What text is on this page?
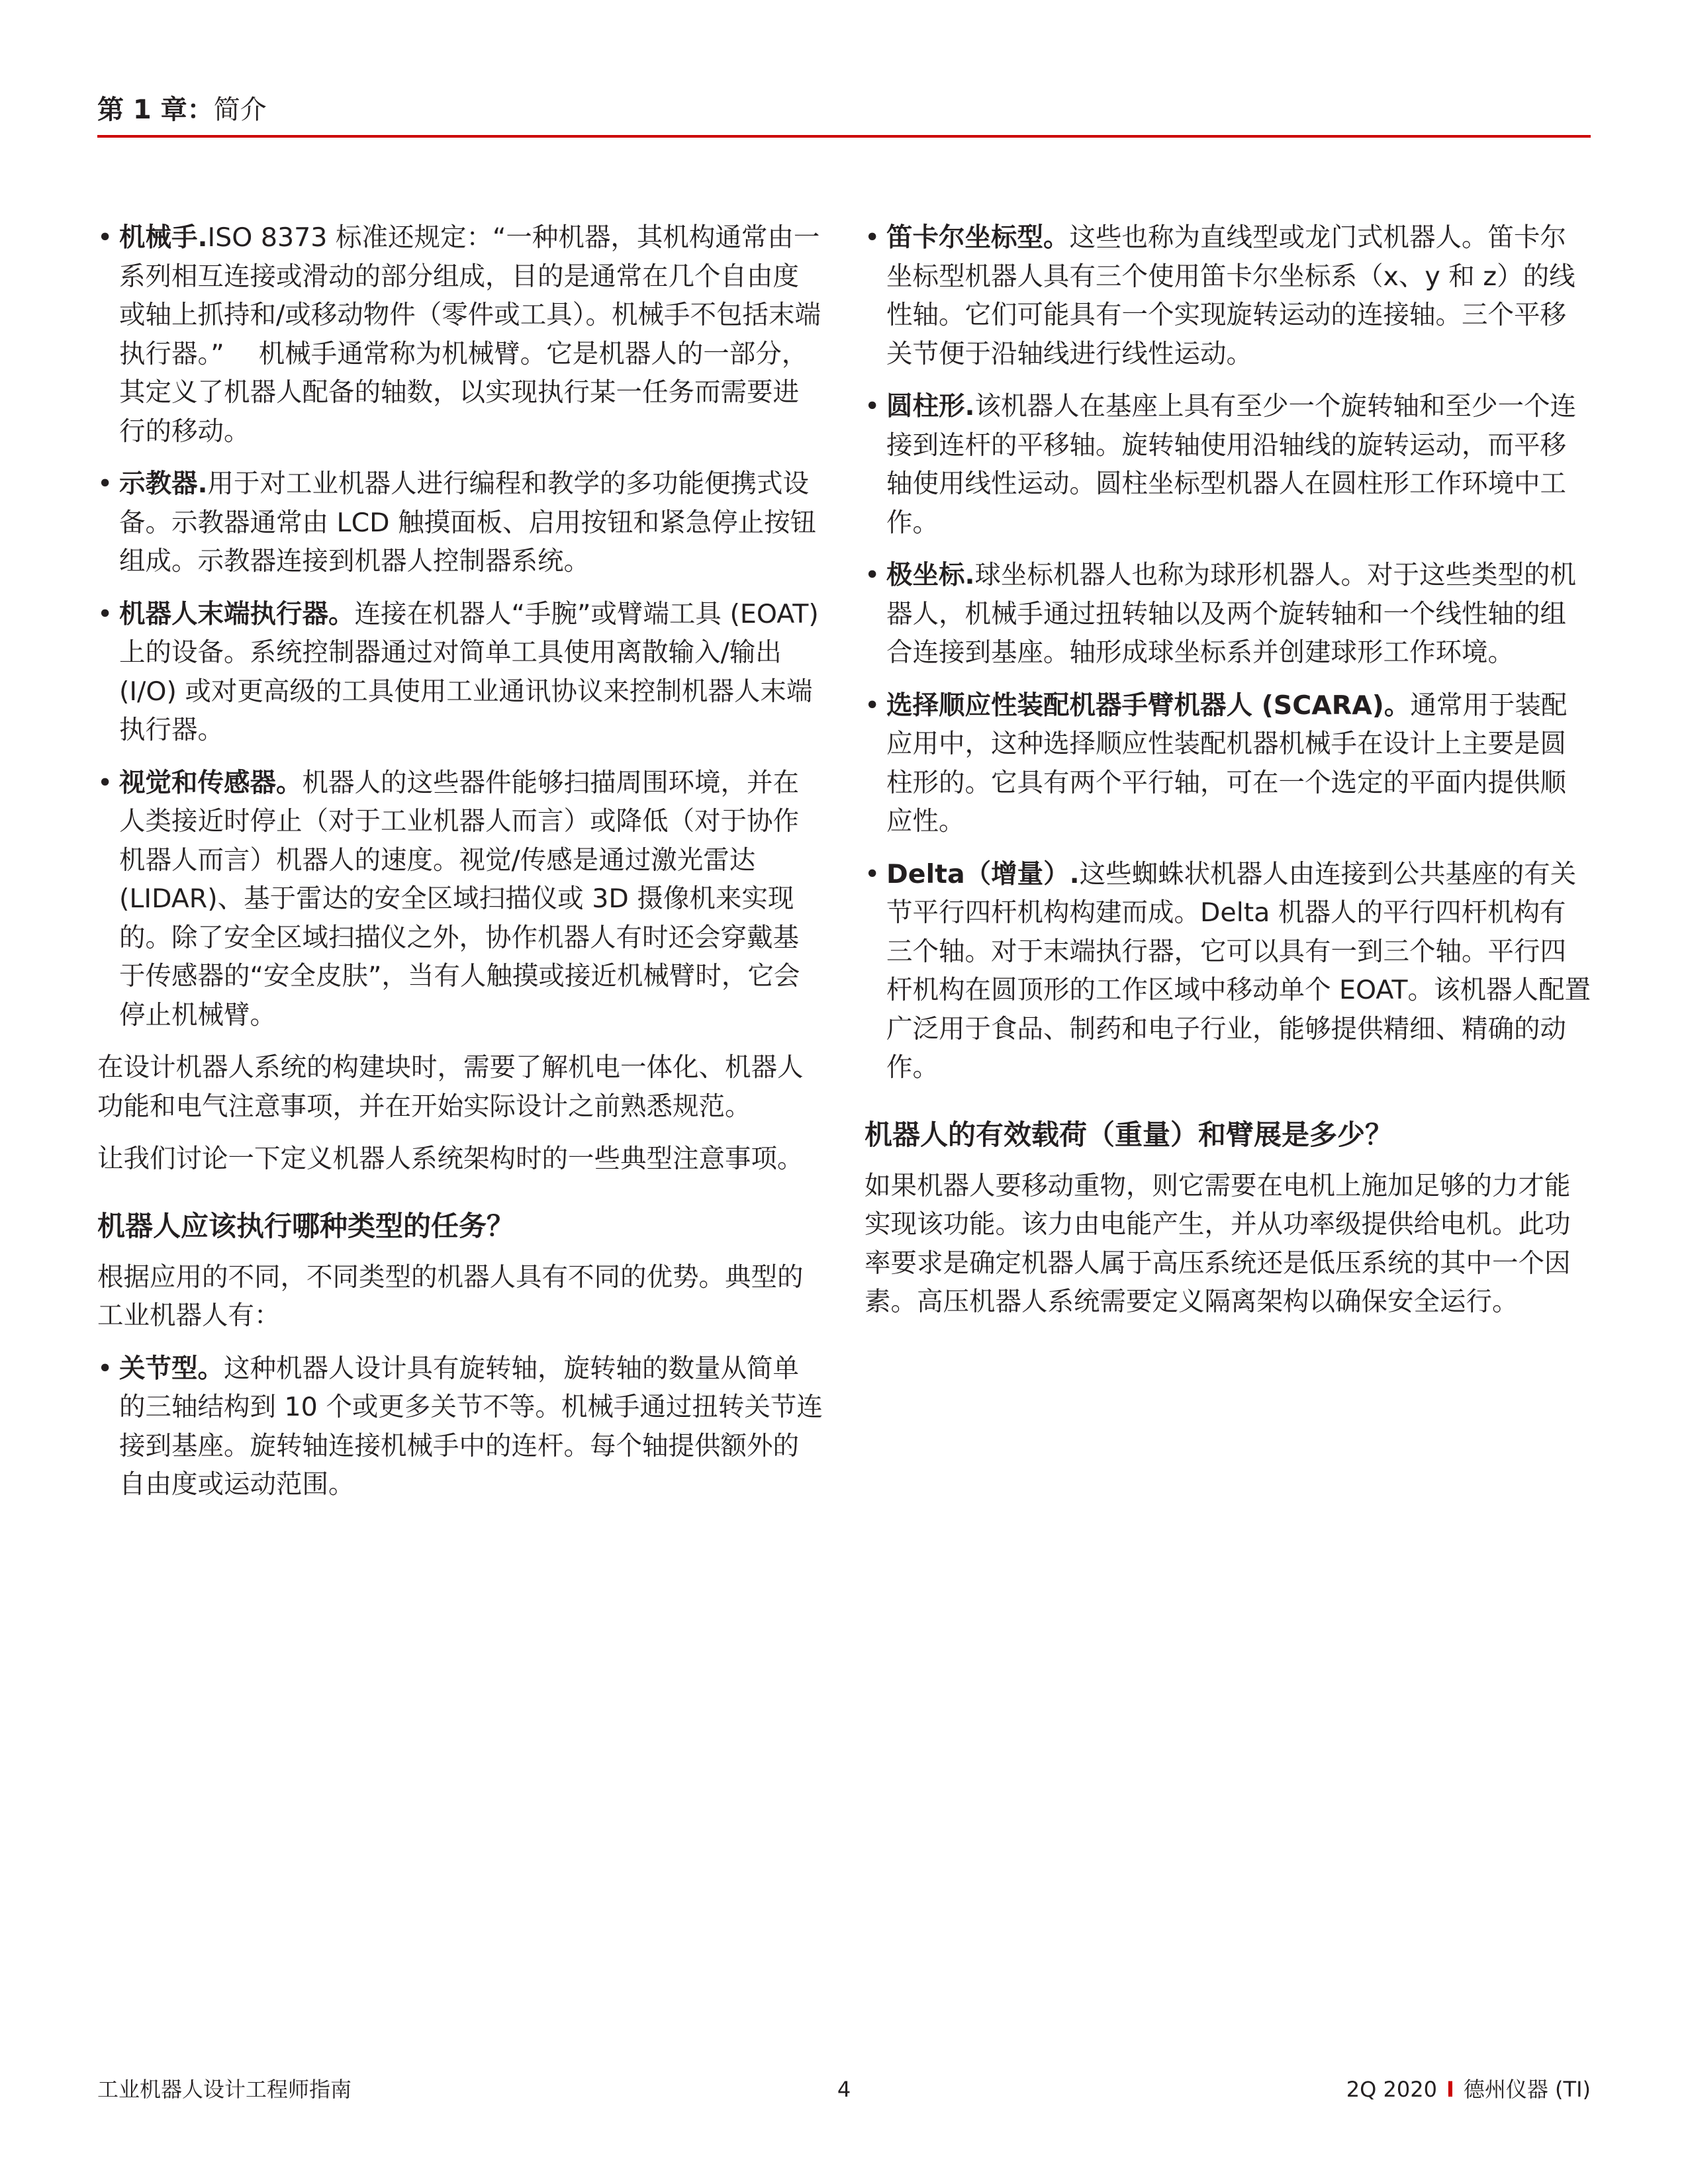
第 1 章：简介
• 机械手.ISO 8373 标准还规定：“一种机器，其机构通常由一系列相互连接或滑动的部分组成，目的是通常在几个自由度或轴上抓持和/或移动物件（零件或工具）。机械手不包括末端执行器。”　 机械手通常称为机械臂。它是机器人的一部分，其定义了机器人配备的轴数，以实现执行某一任务而需要进行的移动。
• 示教器.用于对工业机器人进行编程和教学的多功能便携式设备。示教器通常由 LCD 触摸面板、启用按钮和紧急停止按钮组成。示教器连接到机器人控制器系统。
• 机器人末端执行器。连接在机器人“手腕”或臂端工具 (EOAT) 上的设备。系统控制器通过对简单工具使用离散输入/输出 (I/O) 或对更高级的工具使用工业通讯协议来控制机器人末端执行器。
• 视觉和传感器。机器人的这些器件能够扫描周围环境，并在人类接近时停止（对于工业机器人而言）或降低（对于协作机器人而言）机器人的速度。视觉/传感是通过激光雷达 (LIDAR)、基于雷达的安全区域扫描仪或 3D 摄像机来实现的。除了安全区域扫描仪之外，协作机器人有时还会穿戴基于传感器的“安全皮肤”，当有人触摸或接近机械臂时，它会停止机械臂。

在设计机器人系统的构建块时，需要了解机电一体化、机器人功能和电气注意事项，并在开始实际设计之前熟悉规范。

让我们讨论一下定义机器人系统架构时的一些典型注意事项。

机器人应该执行哪种类型的任务？

根据应用的不同，不同类型的机器人具有不同的优势。典型的工业机器人有：

• 关节型。这种机器人设计具有旋转轴，旋转轴的数量从简单的三轴结构到 10 个或更多关节不等。机械手通过扭转关节连接到基座。旋转轴连接机械手中的连杆。每个轴提供额外的自由度或运动范围。
• 笛卡尔坐标型。这些也称为直线型或龙门式机器人。笛卡尔坐标型机器人具有三个使用笛卡尔坐标系（x、y 和 z）的线性轴。它们可能具有一个实现旋转运动的连接轴。三个平移关节便于沿轴线进行线性运动。
• 圆柱形.该机器人在基座上具有至少一个旋转轴和至少一个连接到连杆的平移轴。旋转轴使用沿轴线的旋转运动，而平移轴使用线性运动。圆柱坐标型机器人在圆柱形工作环境中工作。
• 极坐标.球坐标机器人也称为球形机器人。对于这些类型的机器人，机械手通过扭转轴以及两个旋转轴和一个线性轴的组合连接到基座。轴形成球坐标系并创建球形工作环境。
• 选择顺应性装配机器手臂机器人 (SCARA)。通常用于装配应用中，这种选择顺应性装配机器机械手在设计上主要是圆柱形的。它具有两个平行轴，可在一个选定的平面内提供顺应性。
• Delta（增量）.这些蜘蛛状机器人由连接到公共基座的有关节平行四杆机构构建而成。Delta 机器人的平行四杆机构有三个轴。对于末端执行器，它可以具有一到三个轴。平行四杆机构在圆顶形的工作区域中移动单个 EOAT。该机器人配置广泛用于食品、制药和电子行业，能够提供精细、精确的动作。
机器人的有效载荷（重量）和臂展是多少？

如果机器人要移动重物，则它需要在电机上施加足够的力才能实现该功能。该力由电能产生，并从功率级提供给电机。此功率要求是确定机器人属于高压系统还是低压系统的其中一个因素。高压机器人系统需要定义隔离架构以确保安全运行。

工业机器人设计工程师指南	4	2Q 2020 I 德州仪器 (TI)
